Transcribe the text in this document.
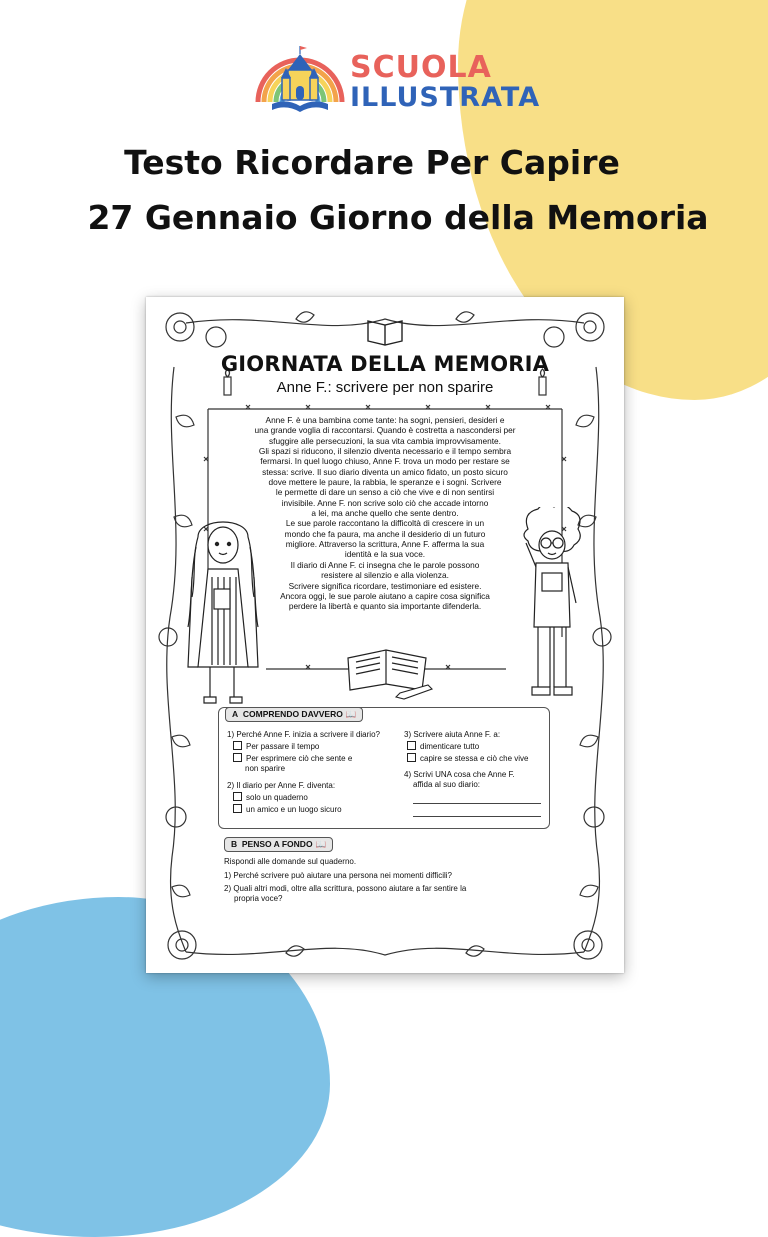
SCUOLA
ILLUSTRATA
Testo Ricordare Per Capire
27 Gennaio Giorno della Memoria
GIORNATA DELLA MEMORIA
Anne F.: scrivere per non sparire

Anne F. è una bambina come tante: ha sogni, pensieri, desideri e

una grande voglia di raccontarsi. Quando è costretta a nascondersi per

sfuggire alle persecuzioni, la sua vita cambia improvvisamente.

Gli spazi si riducono, il silenzio diventa necessario e il tempo sembra

fermarsi. In quel luogo chiuso, Anne F. trova un modo per restare se

stessa: scrive. Il suo diario diventa un amico fidato, un posto sicuro

dove mettere le paure, la rabbia, le speranze e i sogni. Scrivere

le permette di dare un senso a ciò che vive e di non sentirsi

invisibile. Anne F. non scrive solo ciò che accade intorno

a lei, ma anche quello che sente dentro.

Le sue parole raccontano la difficoltà di crescere in un

mondo che fa paura, ma anche il desiderio di un futuro

migliore. Attraverso la scrittura, Anne F. afferma la sua

identità e la sua voce.

Il diario di Anne F. ci insegna che le parole possono

resistere al silenzio e alla violenza.

Scrivere significa ricordare, testimoniare ed esistere.

Ancora oggi, le sue parole aiutano a capire cosa significa

perdere la libertà e quanto sia importante difenderla.

A COMPRENDO DAVVERO 📖
1) Perché Anne F. inizia a scrivere il diario?
Per passare il tempo
Per esprimere ciò che sente e
non sparire
2) Il diario per Anne F. diventa:
solo un quaderno
un amico e un luogo sicuro
3) Scrivere aiuta Anne F. a:
dimenticare tutto
capire se stessa e ciò che vive
4) Scrivi UNA cosa che Anne F.
affida al suo diario:
B PENSO A FONDO 📖
Rispondi alle domande sul quaderno.
1) Perché scrivere può aiutare una persona nei momenti difficili?
2) Quali altri modi, oltre alla scrittura, possono aiutare a far sentire la
propria voce?
